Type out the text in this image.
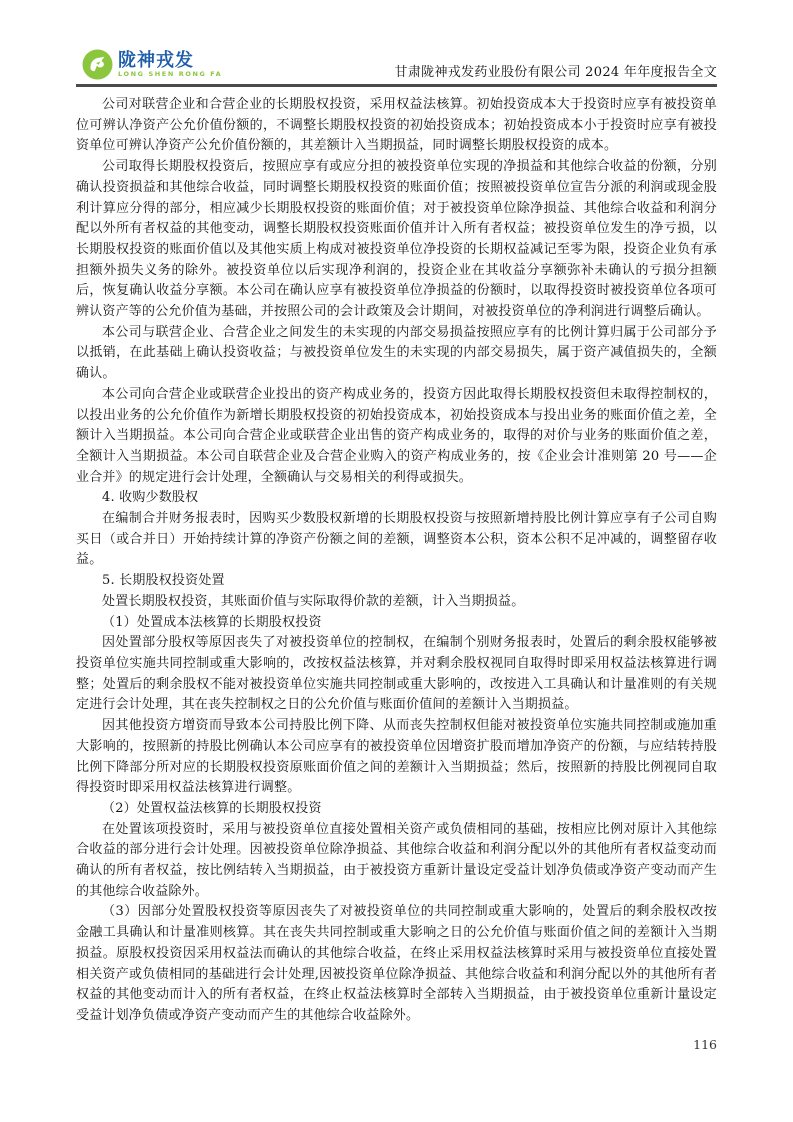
陇神戎发
LONG SHEN RONG FA	甘肃陇神戎发药业股份有限公司 2024 年年度报告全文

公司对联营企业和合营企业的长期股权投资，采用权益法核算。初始投资成本大于投资时应享有被投资单位可辨认净资产公允价值份额的，不调整长期股权投资的初始投资成本；初始投资成本小于投资时应享有被投资单位可辨认净资产公允价值份额的，其差额计入当期损益，同时调整长期股权投资的成本。

公司取得长期股权投资后，按照应享有或应分担的被投资单位实现的净损益和其他综合收益的份额，分别确认投资损益和其他综合收益，同时调整长期股权投资的账面价值；按照被投资单位宣告分派的利润或现金股利计算应分得的部分，相应减少长期股权投资的账面价值；对于被投资单位除净损益、其他综合收益和利润分配以外所有者权益的其他变动，调整长期股权投资账面价值并计入所有者权益；被投资单位发生的净亏损，以长期股权投资的账面价值以及其他实质上构成对被投资单位净投资的长期权益减记至零为限，投资企业负有承担额外损失义务的除外。被投资单位以后实现净利润的，投资企业在其收益分享额弥补未确认的亏损分担额后，恢复确认收益分享额。本公司在确认应享有被投资单位净损益的份额时，以取得投资时被投资单位各项可辨认资产等的公允价值为基础，并按照公司的会计政策及会计期间，对被投资单位的净利润进行调整后确认。

本公司与联营企业、合营企业之间发生的未实现的内部交易损益按照应享有的比例计算归属于公司部分予以抵销，在此基础上确认投资收益；与被投资单位发生的未实现的内部交易损失，属于资产减值损失的，全额确认。

本公司向合营企业或联营企业投出的资产构成业务的，投资方因此取得长期股权投资但未取得控制权的，以投出业务的公允价值作为新增长期股权投资的初始投资成本，初始投资成本与投出业务的账面价值之差，全额计入当期损益。本公司向合营企业或联营企业出售的资产构成业务的，取得的对价与业务的账面价值之差，全额计入当期损益。本公司自联营企业及合营企业购入的资产构成业务的，按《企业会计准则第 20 号——企业合并》的规定进行会计处理，全额确认与交易相关的利得或损失。

4. 收购少数股权

在编制合并财务报表时，因购买少数股权新增的长期股权投资与按照新增持股比例计算应享有子公司自购买日（或合并日）开始持续计算的净资产份额之间的差额，调整资本公积，资本公积不足冲减的，调整留存收益。

5. 长期股权投资处置

处置长期股权投资，其账面价值与实际取得价款的差额，计入当期损益。

（1）处置成本法核算的长期股权投资

因处置部分股权等原因丧失了对被投资单位的控制权，在编制个别财务报表时，处置后的剩余股权能够被投资单位实施共同控制或重大影响的，改按权益法核算，并对剩余股权视同自取得时即采用权益法核算进行调整；处置后的剩余股权不能对被投资单位实施共同控制或重大影响的，改按进入工具确认和计量准则的有关规定进行会计处理，其在丧失控制权之日的公允价值与账面价值间的差额计入当期损益。

因其他投资方增资而导致本公司持股比例下降、从而丧失控制权但能对被投资单位实施共同控制或施加重大影响的，按照新的持股比例确认本公司应享有的被投资单位因增资扩股而增加净资产的份额，与应结转持股比例下降部分所对应的长期股权投资原账面价值之间的差额计入当期损益；然后，按照新的持股比例视同自取得投资时即采用权益法核算进行调整。

（2）处置权益法核算的长期股权投资

在处置该项投资时，采用与被投资单位直接处置相关资产或负债相同的基础，按相应比例对原计入其他综合收益的部分进行会计处理。因被投资单位除净损益、其他综合收益和利润分配以外的其他所有者权益变动而确认的所有者权益，按比例结转入当期损益，由于被投资方重新计量设定受益计划净负债或净资产变动而产生的其他综合收益除外。

（3）因部分处置股权投资等原因丧失了对被投资单位的共同控制或重大影响的，处置后的剩余股权改按金融工具确认和计量准则核算。其在丧失共同控制或重大影响之日的公允价值与账面价值之间的差额计入当期损益。原股权投资因采用权益法而确认的其他综合收益，在终止采用权益法核算时采用与被投资单位直接处置相关资产或负债相同的基础进行会计处理,因被投资单位除净损益、其他综合收益和利润分配以外的其他所有者权益的其他变动而计入的所有者权益，在终止权益法核算时全部转入当期损益，由于被投资单位重新计量设定受益计划净负债或净资产变动而产生的其他综合收益除外。

116
